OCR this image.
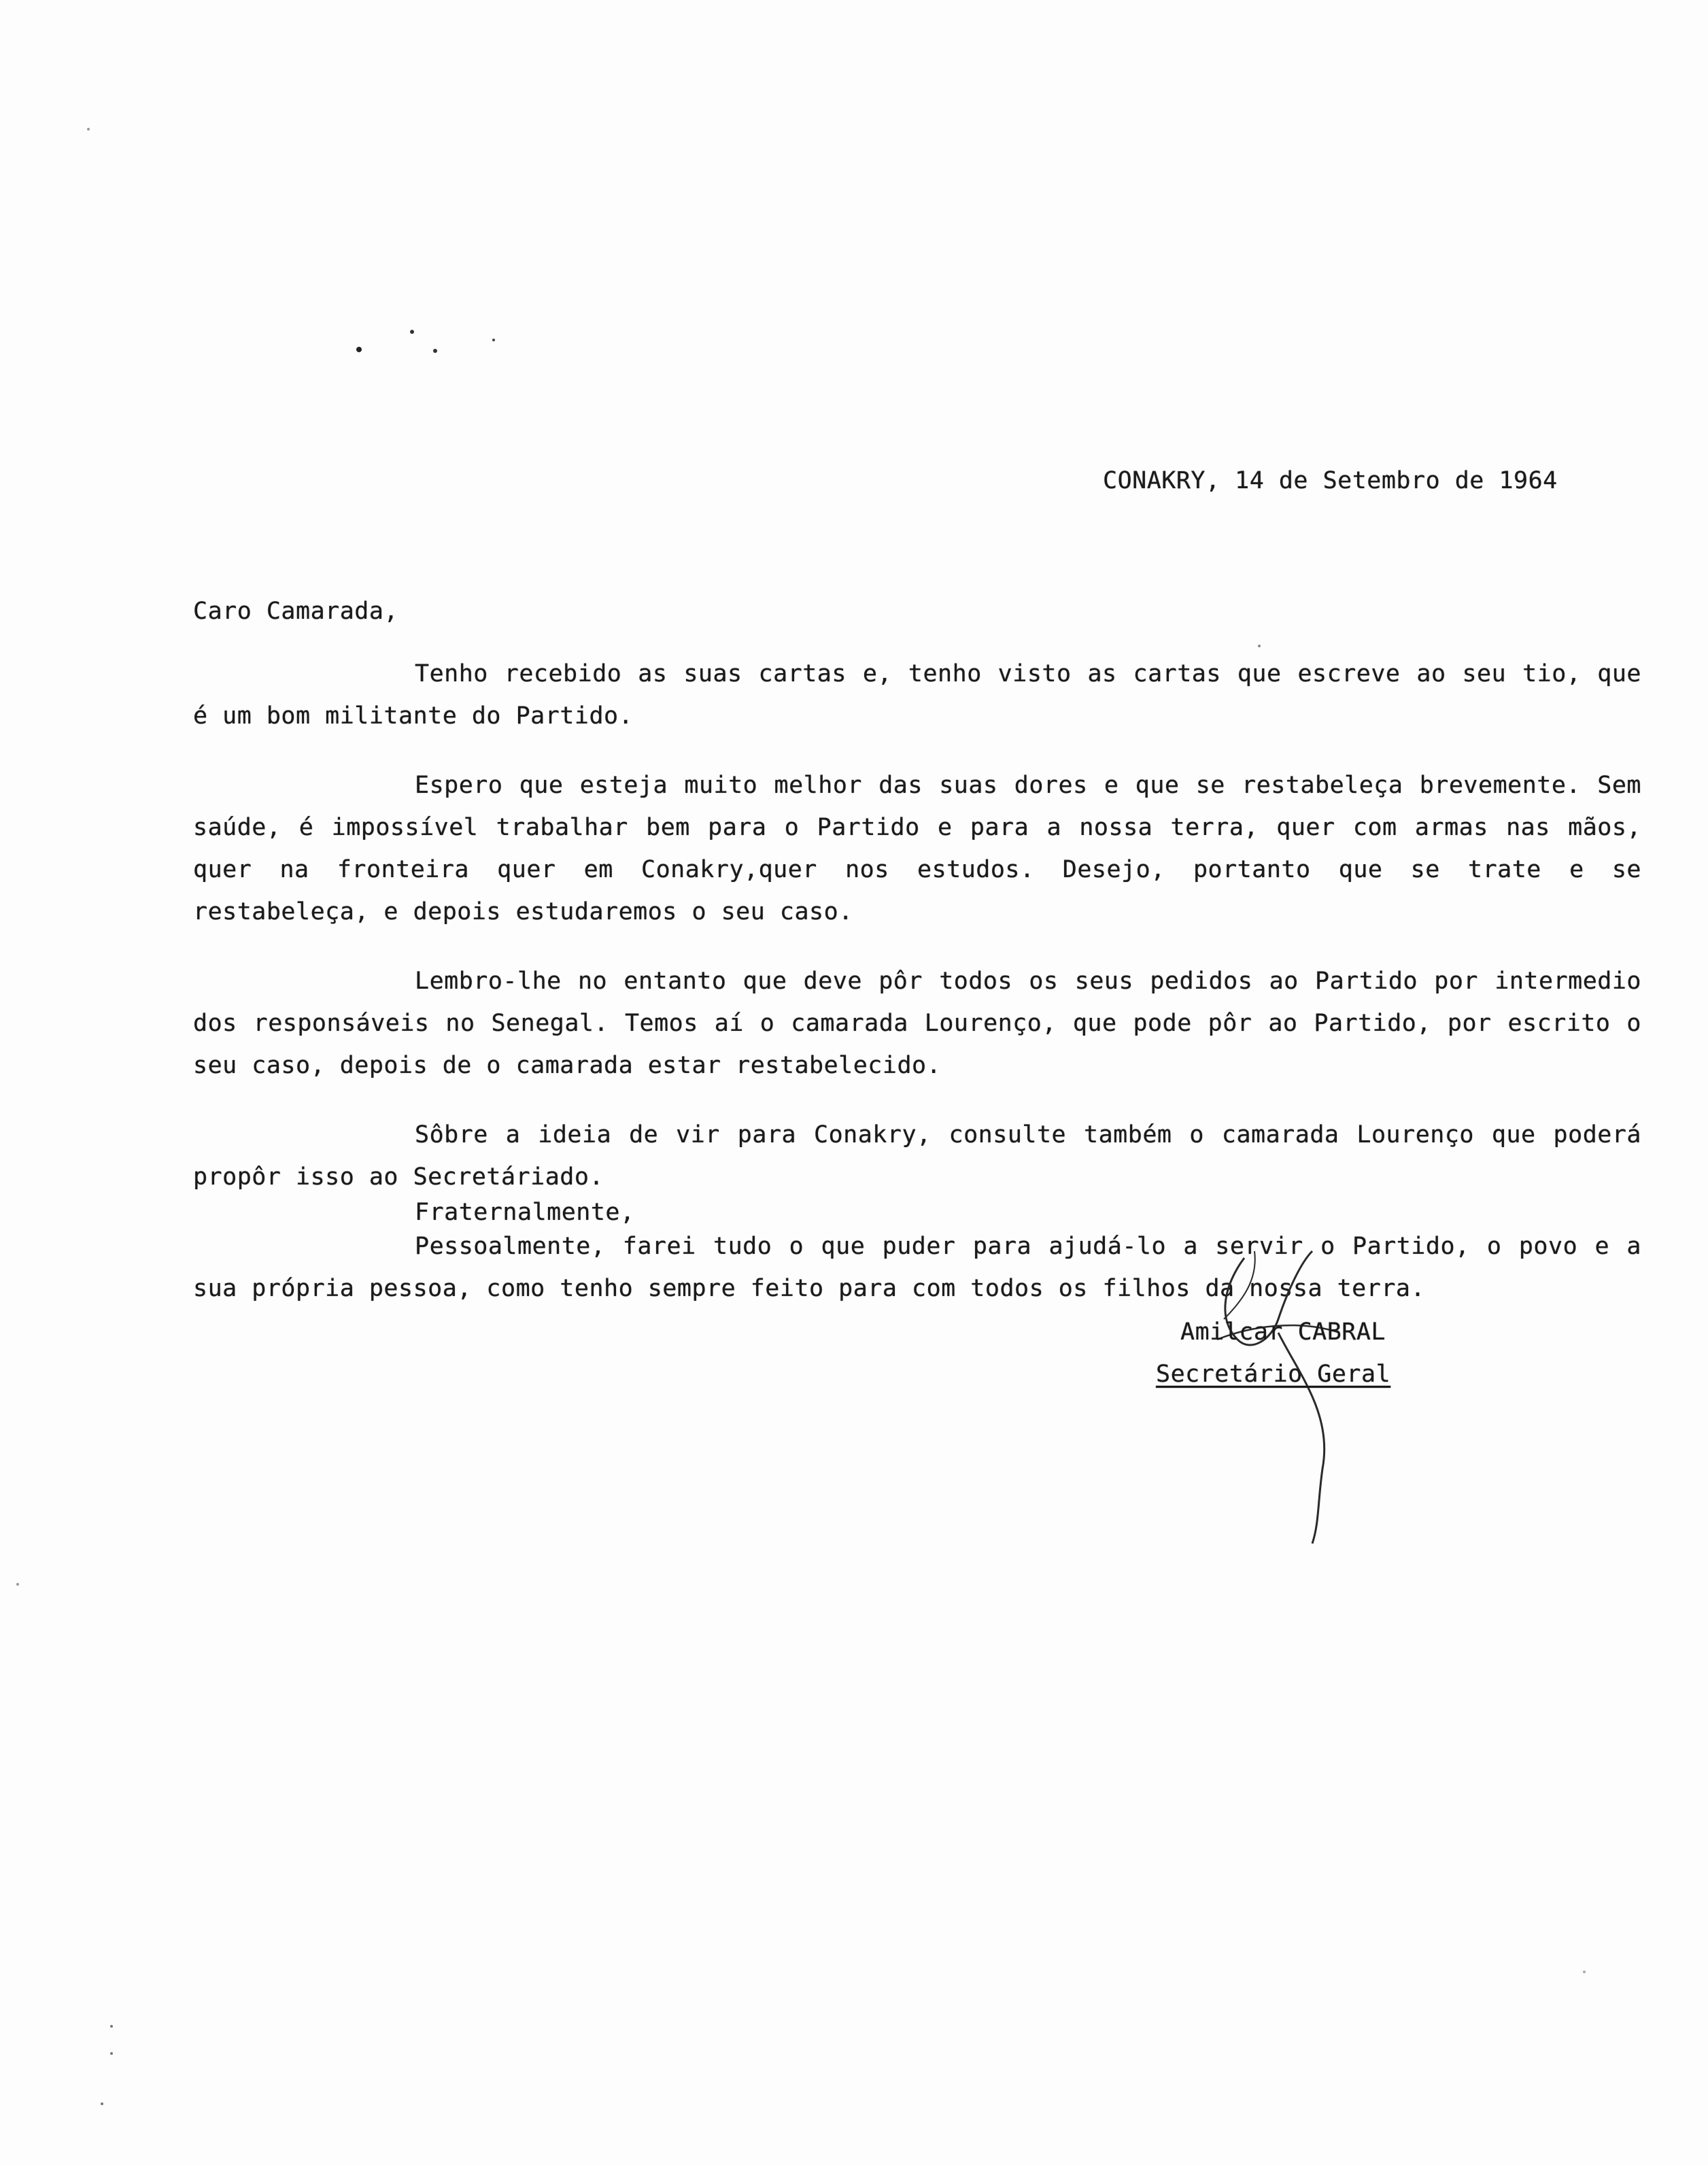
CONAKRY, 14 de Setembro de 1964
Caro Camarada,

Tenho recebido as suas cartas e, tenho visto as cartas que escreve ao seu tio, que é um bom militante do Partido.

Espero que esteja muito melhor das suas dores e que se restabeleça brevemente. Sem saúde, é impossível trabalhar bem para o Partido e para a nossa terra, quer com armas nas mãos, quer na fronteira quer em Conakry,quer nos estudos. Desejo, portanto que se trate e se restabeleça, e depois estudaremos o seu caso.

Lembro-lhe no entanto que deve pôr todos os seus pedidos ao Partido por intermedio dos responsáveis no Senegal. Temos aí o camarada Lourenço, que pode pôr ao Partido, por escrito o seu caso, depois de o camarada estar restabelecido.

Sôbre a ideia de vir para Conakry, consulte também o camarada Lourenço que poderá propôr isso ao Secretáriado.

Pessoalmente, farei tudo o que puder para ajudá-lo a servir o Partido, o povo e a sua própria pessoa, como tenho sempre feito para com todos os filhos da nossa terra.

Fraternalmente,
Amilcar CABRAL
Secretário Geral
